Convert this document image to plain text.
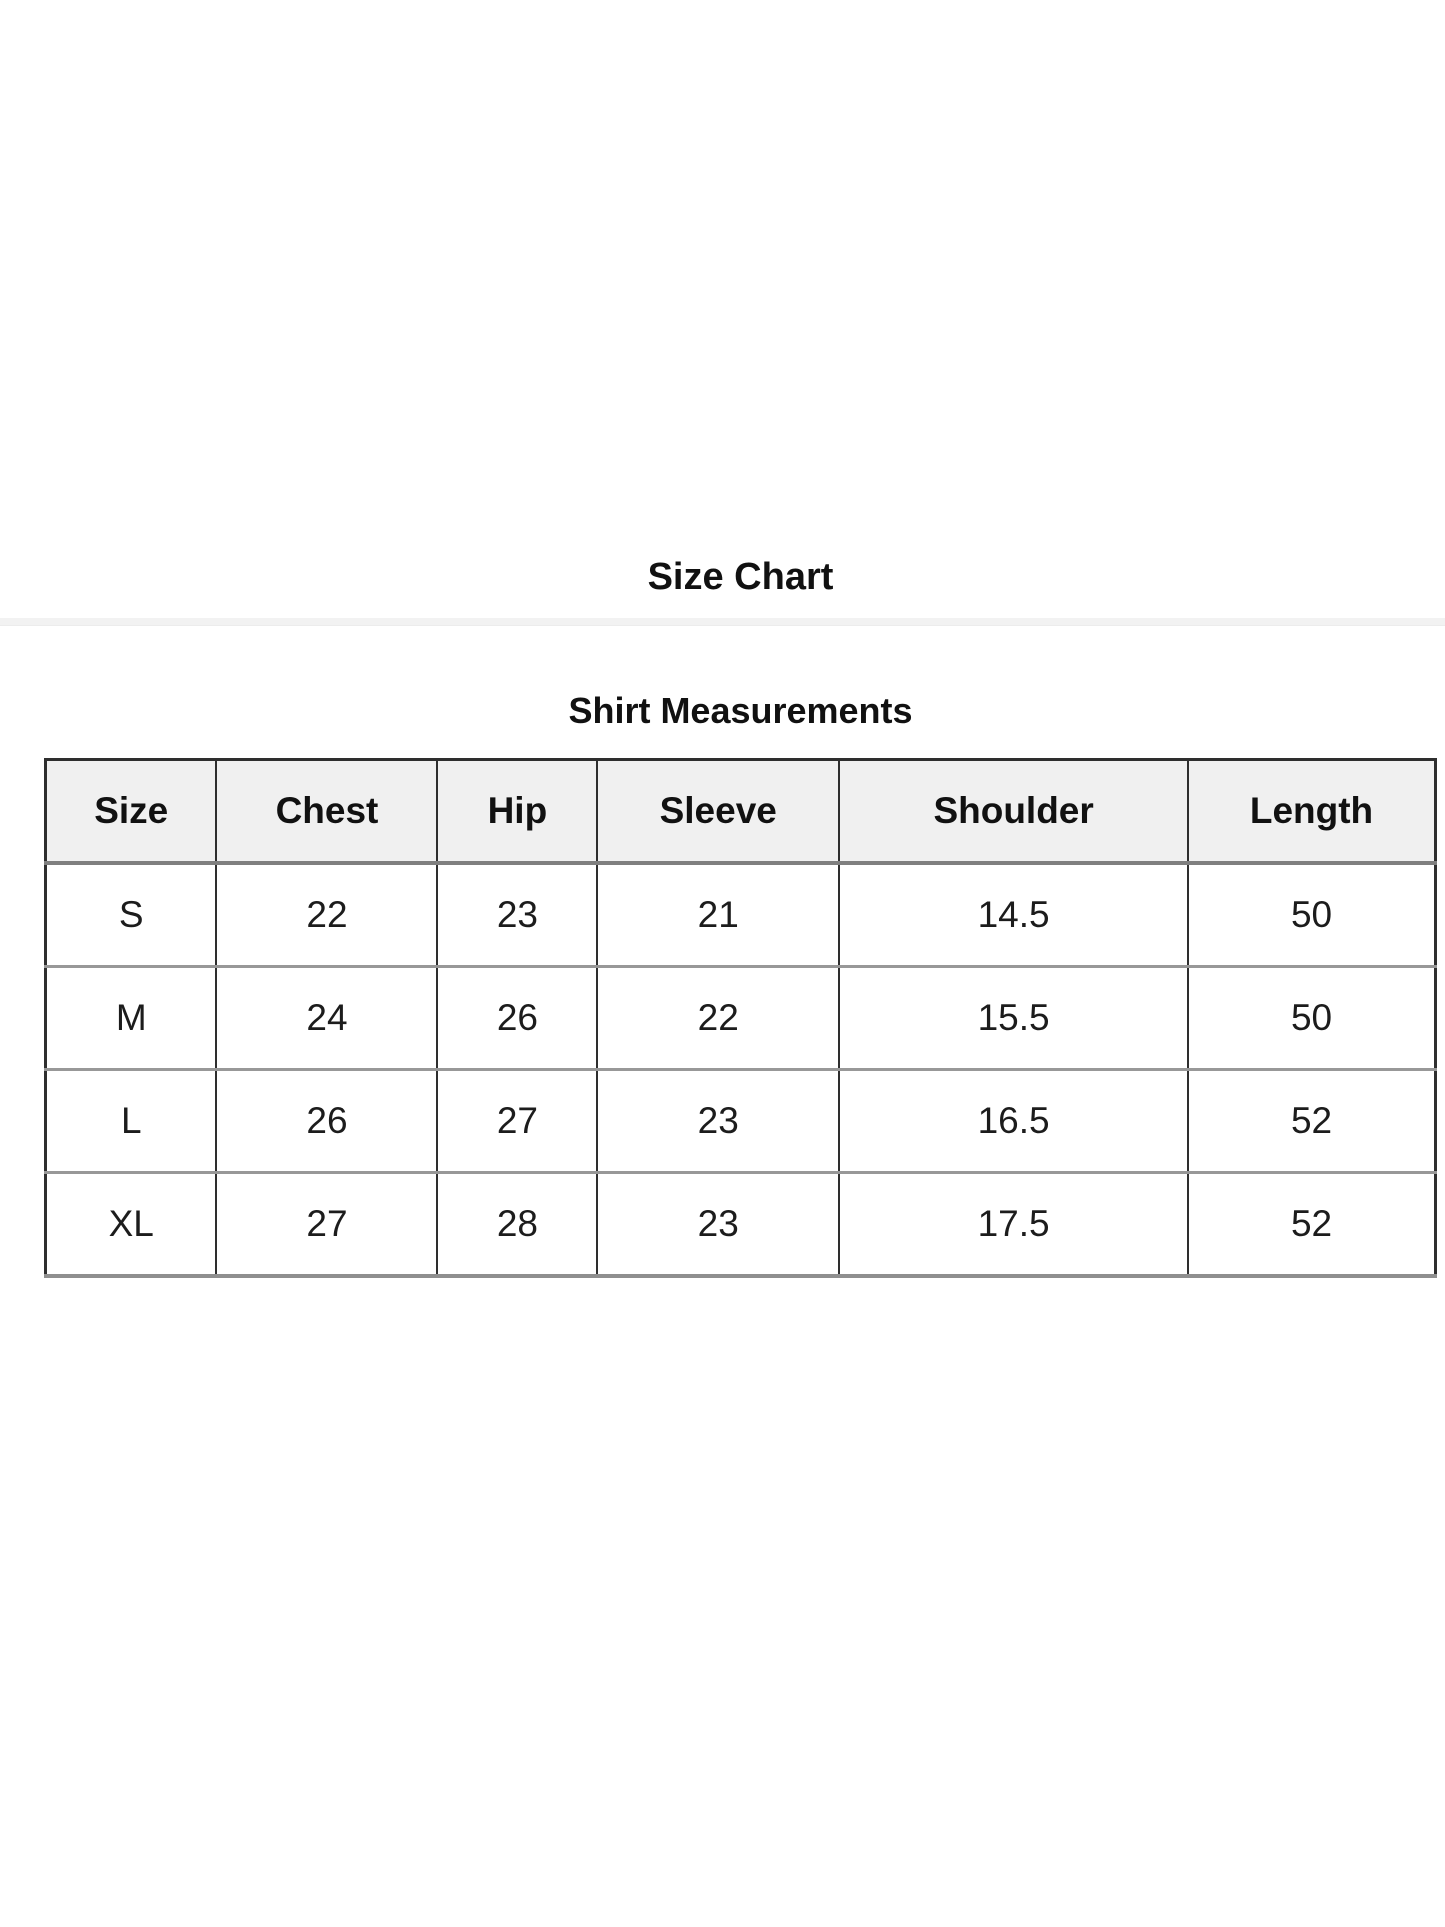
Size Chart
Shirt Measurements
Size	Chest	Hip	Sleeve	Shoulder	Length
S	22	23	21	14.5	50
M	24	26	22	15.5	50
L	26	27	23	16.5	52
XL	27	28	23	17.5	52
